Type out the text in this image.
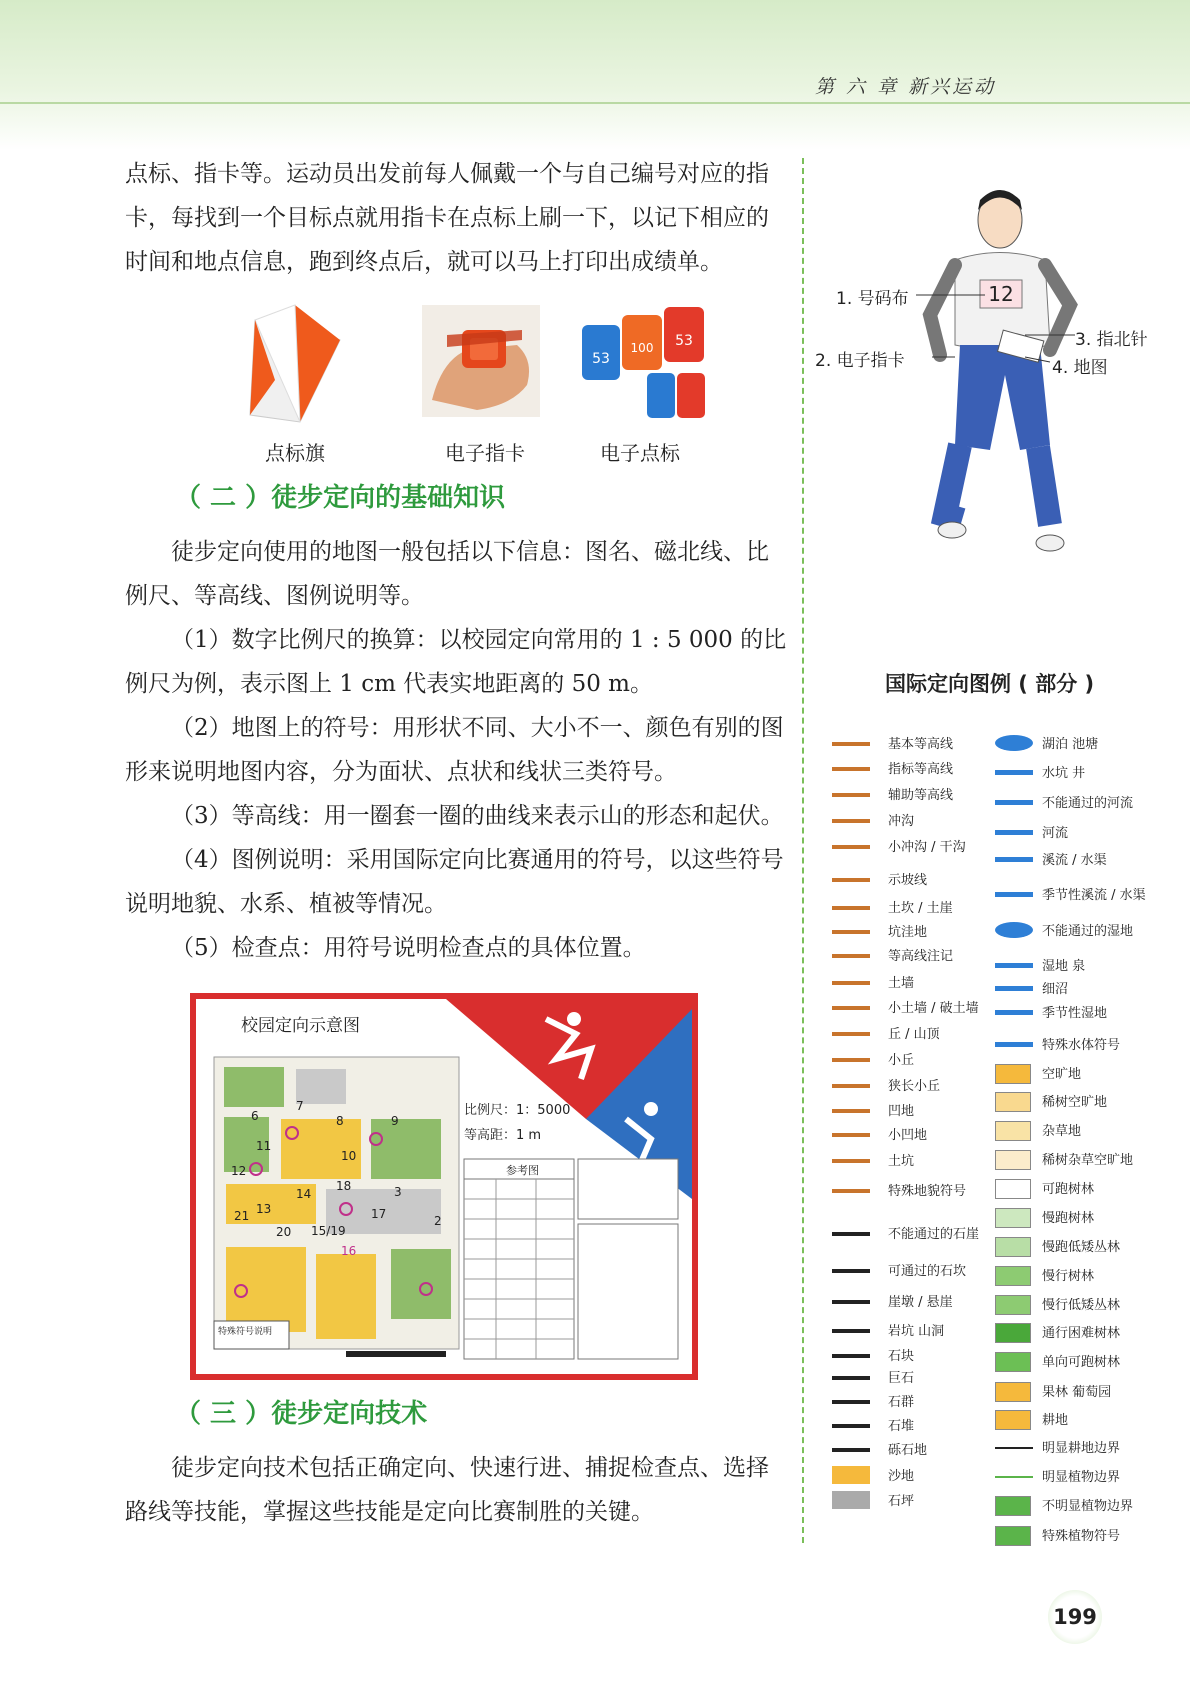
第 六 章 新兴运动

点标、指卡等。运动员出发前每人佩戴一个与自己编号对应的指卡，每找到一个目标点就用指卡在点标上刷一下，以记下相应的时间和地点信息，跑到终点后，就可以马上打印出成绩单。

53
100 53
点标旗	电子指卡	电子点标
（ 二 ）徒步定向的基础知识

徒步定向使用的地图一般包括以下信息：图名、磁北线、比例尺、等高线、图例说明等。

（1）数字比例尺的换算：以校园定向常用的 1 : 5 000 的比例尺为例，表示图上 1 cm 代表实地距离的 50 m。

（2）地图上的符号：用形状不同、大小不一、颜色有别的图形来说明地图内容，分为面状、点状和线状三类符号。

（3）等高线：用一圈套一圈的曲线来表示山的形态和起伏。

（4）图例说明：采用国际定向比赛通用的符号，以这些符号说明地貌、水系、植被等情况。

（5）检查点：用符号说明检查点的具体位置。

校园定向示意图
比例尺：1：5000
等高距：1 m
参考图
特殊符号说明
6
7
8	9
10
11
12
13
14
15/19
16
17
18
2
20
21
3
（ 三 ）徒步定向技术

徒步定向技术包括正确定向、快速行进、捕捉检查点、选择路线等技能，掌握这些技能是定向比赛制胜的关键。

12
1. 号码布
2. 电子指卡
3. 指北针
4. 地图
国际定向图例 ( 部分 )
基本等高线
指标等高线
辅助等高线
冲沟
小冲沟 / 干沟
示坡线
土坎 / 土崖
坑洼地
等高线注记
土墙
小土墙 / 破土墙
丘 / 山顶
小丘
狭长小丘
凹地
小凹地
土坑
特殊地貌符号
不能通过的石崖
可通过的石坎
崖墩 / 悬崖
岩坑 山洞
石块
巨石
石群
石堆
砾石地
沙地
石坪
湖泊 池塘
水坑 井
不能通过的河流
河流
溪流 / 水渠
季节性溪流 / 水渠
不能通过的湿地
湿地 泉
细沼
季节性湿地
特殊水体符号
空旷地
稀树空旷地
杂草地
稀树杂草空旷地
可跑树林
慢跑树林
慢跑低矮丛林
慢行树林
慢行低矮丛林
通行困难树林
单向可跑树林
果林 葡萄园
耕地
明显耕地边界
明显植物边界
不明显植物边界
特殊植物符号
199
